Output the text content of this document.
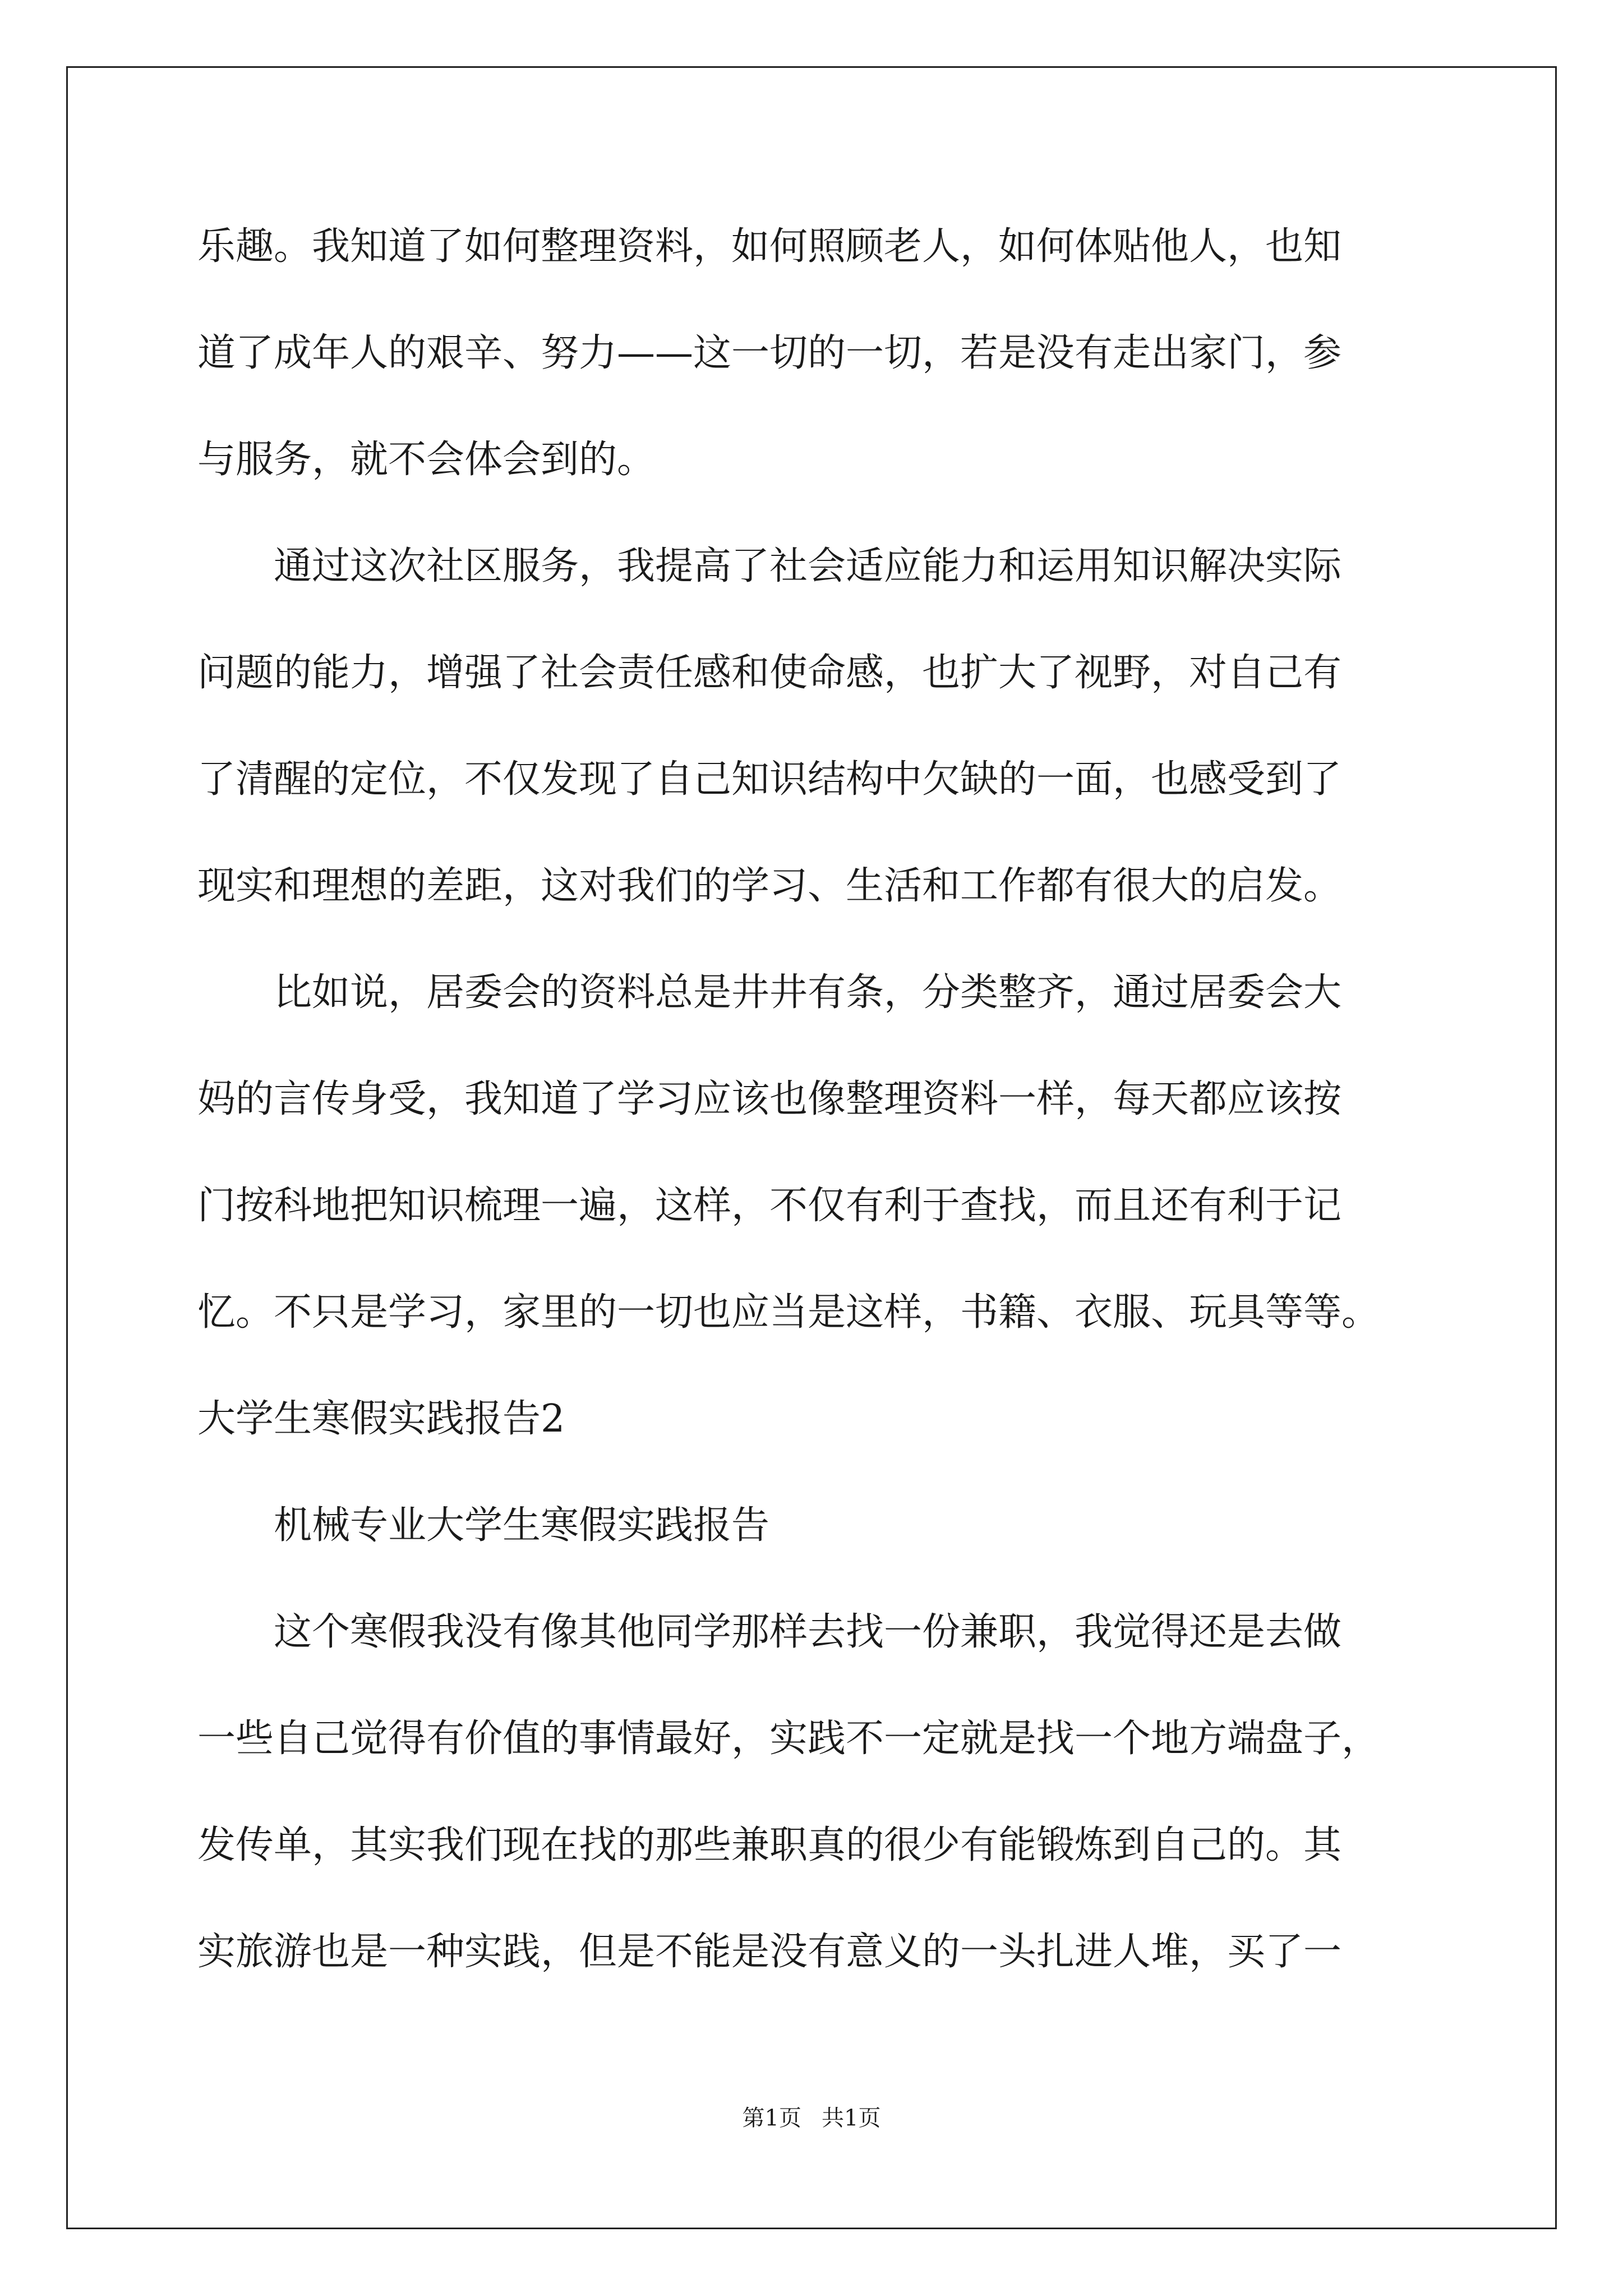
乐趣。我知道了如何整理资料，如何照顾老人，如何体贴他人，也知
道了成年人的艰辛、努力——这一切的一切，若是没有走出家门，参
与服务，就不会体会到的。
　　通过这次社区服务，我提高了社会适应能力和运用知识解决实际
问题的能力，增强了社会责任感和使命感，也扩大了视野，对自己有
了清醒的定位，不仅发现了自己知识结构中欠缺的一面，也感受到了
现实和理想的差距，这对我们的学习、生活和工作都有很大的启发。
　　比如说，居委会的资料总是井井有条，分类整齐，通过居委会大
妈的言传身受，我知道了学习应该也像整理资料一样，每天都应该按
门按科地把知识梳理一遍，这样，不仅有利于查找，而且还有利于记
忆。不只是学习，家里的一切也应当是这样，书籍、衣服、玩具等等。
大学生寒假实践报告2
　　机械专业大学生寒假实践报告
　　这个寒假我没有像其他同学那样去找一份兼职，我觉得还是去做
一些自己觉得有价值的事情最好，实践不一定就是找一个地方端盘子，
发传单，其实我们现在找的那些兼职真的很少有能锻炼到自己的。其
实旅游也是一种实践，但是不能是没有意义的一头扎进人堆，买了一
第1页 共1页
